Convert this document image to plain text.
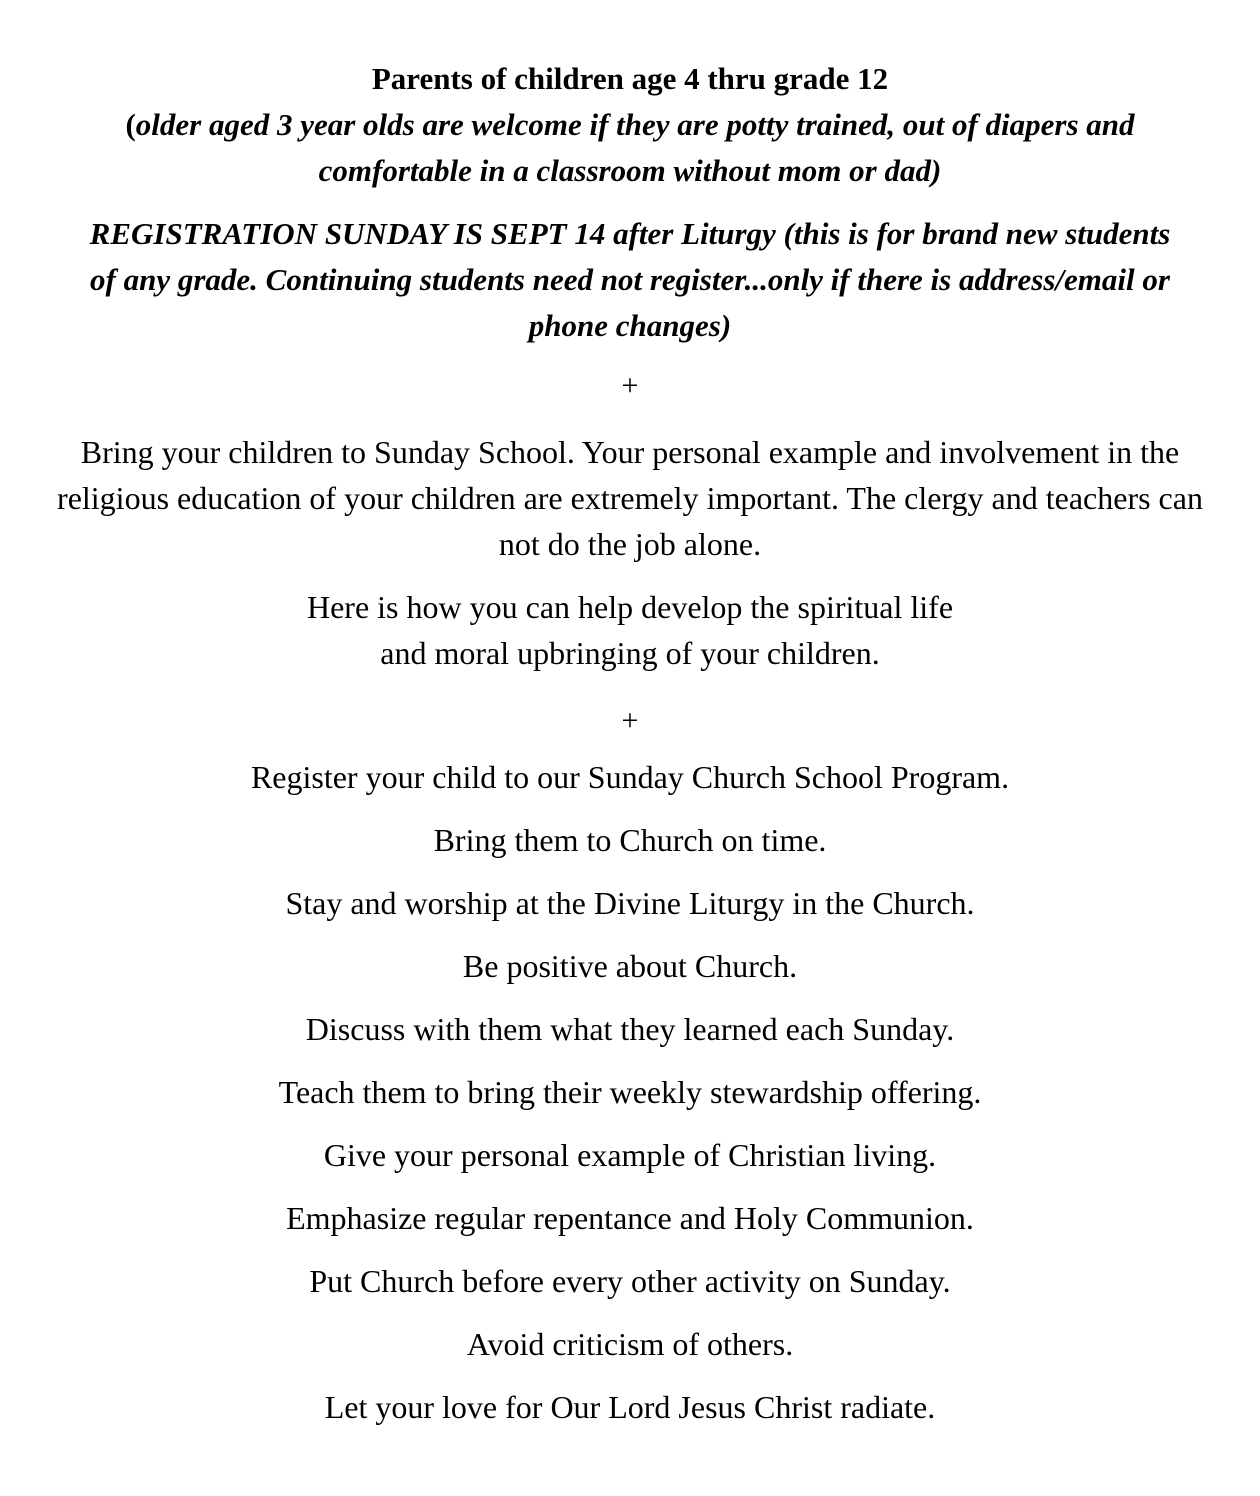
Parents of children age 4 thru grade 12
(older aged 3 year olds are welcome if they are potty trained, out of diapers and
comfortable in a classroom without mom or dad)

REGISTRATION SUNDAY IS SEPT 14 after Liturgy (this is for brand new students of any grade. Continuing students need not register...only if there is address/email or phone changes)

+

Bring your children to Sunday School. Your personal example and involvement in the religious education of your children are extremely important. The clergy and teachers can not do the job alone.

Here is how you can help develop the spiritual life
and moral upbringing of your children.

+
Register your child to our Sunday Church School Program.
Bring them to Church on time.
Stay and worship at the Divine Liturgy in the Church.
Be positive about Church.
Discuss with them what they learned each Sunday.
Teach them to bring their weekly stewardship offering.
Give your personal example of Christian living.
Emphasize regular repentance and Holy Communion.
Put Church before every other activity on Sunday.
Avoid criticism of others.
Let your love for Our Lord Jesus Christ radiate.
